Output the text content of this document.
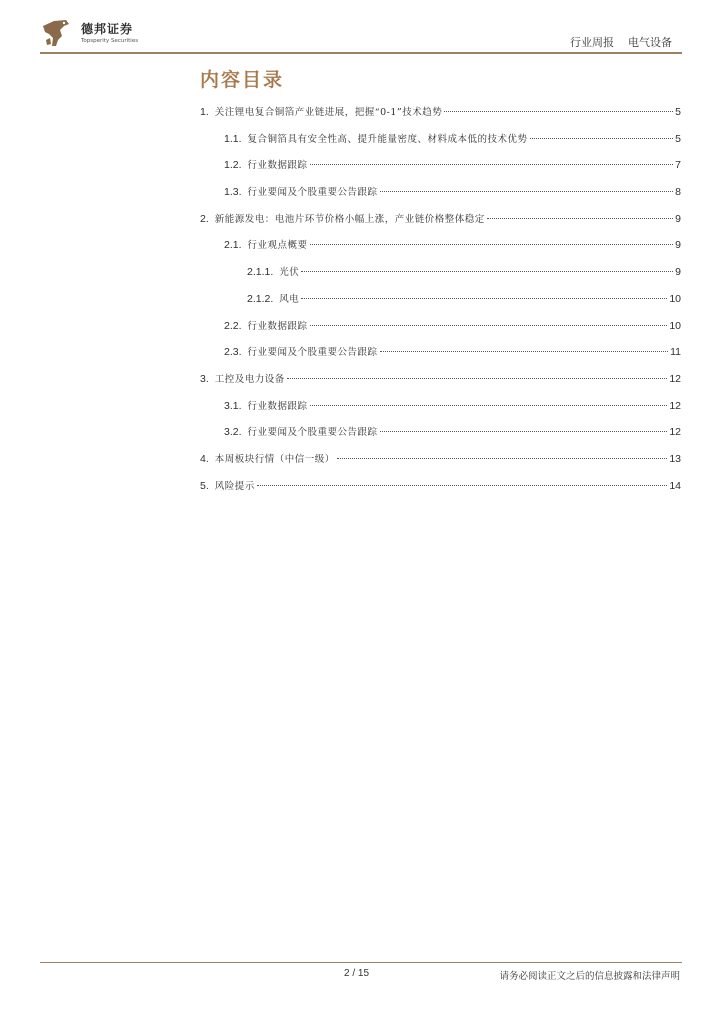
德邦证券
Topsperity Securities	行业周报 电气设备
内容目录
1. 关注锂电复合铜箔产业链进展，把握“0-1”技术趋势	5
1.1. 复合铜箔具有安全性高、提升能量密度、材料成本低的技术优势	5
1.2. 行业数据跟踪	7
1.3. 行业要闻及个股重要公告跟踪	8
2. 新能源发电：电池片环节价格小幅上涨，产业链价格整体稳定	9
2.1. 行业观点概要	9
2.1.1. 光伏	9
2.1.2. 风电	10
2.2. 行业数据跟踪	10
2.3. 行业要闻及个股重要公告跟踪	11
3. 工控及电力设备	12
3.1. 行业数据跟踪	12
3.2. 行业要闻及个股重要公告跟踪	12
4. 本周板块行情（中信一级）	13
5. 风险提示	14
2 / 15	请务必阅读正文之后的信息披露和法律声明
